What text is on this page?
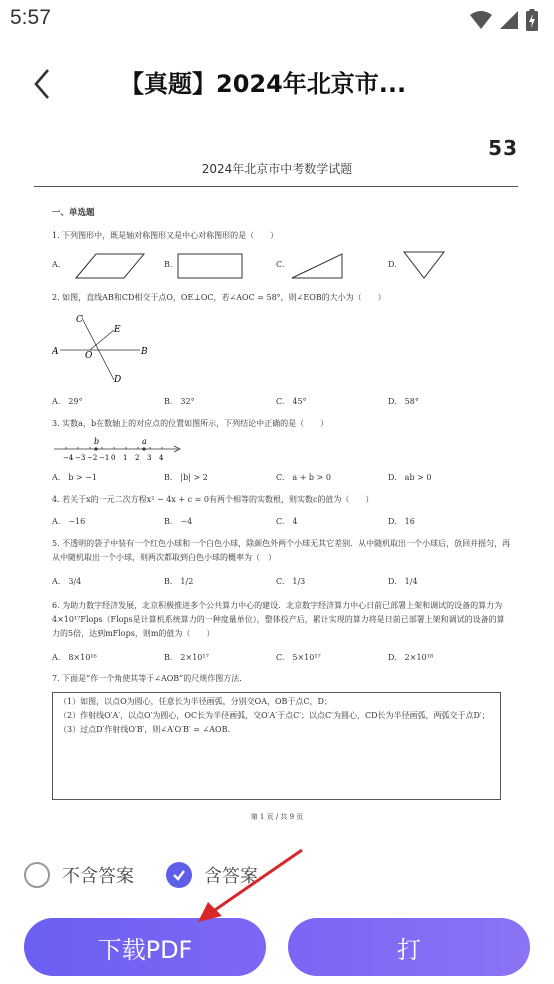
5:57
【真题】2024年北京市...
53
2024年北京市中考数学试题
一、单选题
1. 下列图形中，既是轴对称图形又是中心对称图形的是（　　）
A.	B.	C.	D.
2. 如图，直线AB和CD相交于点O，OE⊥OC，若∠AOC = 58°，则∠EOB的大小为（　　）
C
E
A	O	B
D
A.　29°	B.　32°	C.　45°	D.　58°
3. 实数a，b在数轴上的对应点的位置如图所示，下列结论中正确的是（　　）
−4 −3 −2 −1 0 1 2 3 4
b	a
A.　b > −1	B.　|b| > 2	C.　a + b > 0	D.　ab > 0
4. 若关于x的一元二次方程x² − 4x + c = 0有两个相等的实数根，则实数c的值为（　　）
A.　−16	B.　−4	C.　4	D.　16
5. 不透明的袋子中装有一个红色小球和一个白色小球，除颜色外两个小球无其它差别．从中随机取出一个小球后，放回并摇匀，再从中随机取出一个小球，则两次都取到白色小球的概率为（　）
A.　3/4	B.　1/2	C.　1/3	D.　1/4
6. 为助力数字经济发展，北京积极推进多个公共算力中心的建设．北京数字经济算力中心日前已部署上架和调试的设备的算力为4×10¹⁷Flops（Flops是计算机系统算力的一种度量单位），整体投产后，累计实现的算力将是日前已部署上架和调试的设备的算力的5倍，达到mFlops，则m的值为（　　）
A.　8×10¹⁶	B.　2×10¹⁷	C.　5×10¹⁷	D.　2×10¹⁸
7. 下面是“作一个角使其等于∠AOB”的尺规作图方法.
（1）如图，以点O为圆心，任意长为半径画弧，分别交OA，OB于点C，D；
（2）作射线O′A′，以点O′为圆心，OC长为半径画弧，交O′A′于点C′；以点C′为圆心，CD长为半径画弧，两弧交于点D′；
（3）过点D′作射线O′B′，则∠A′O′B′ = ∠AOB.
第 1 页 / 共 9 页
不含答案	含答案
下载PDF	打
